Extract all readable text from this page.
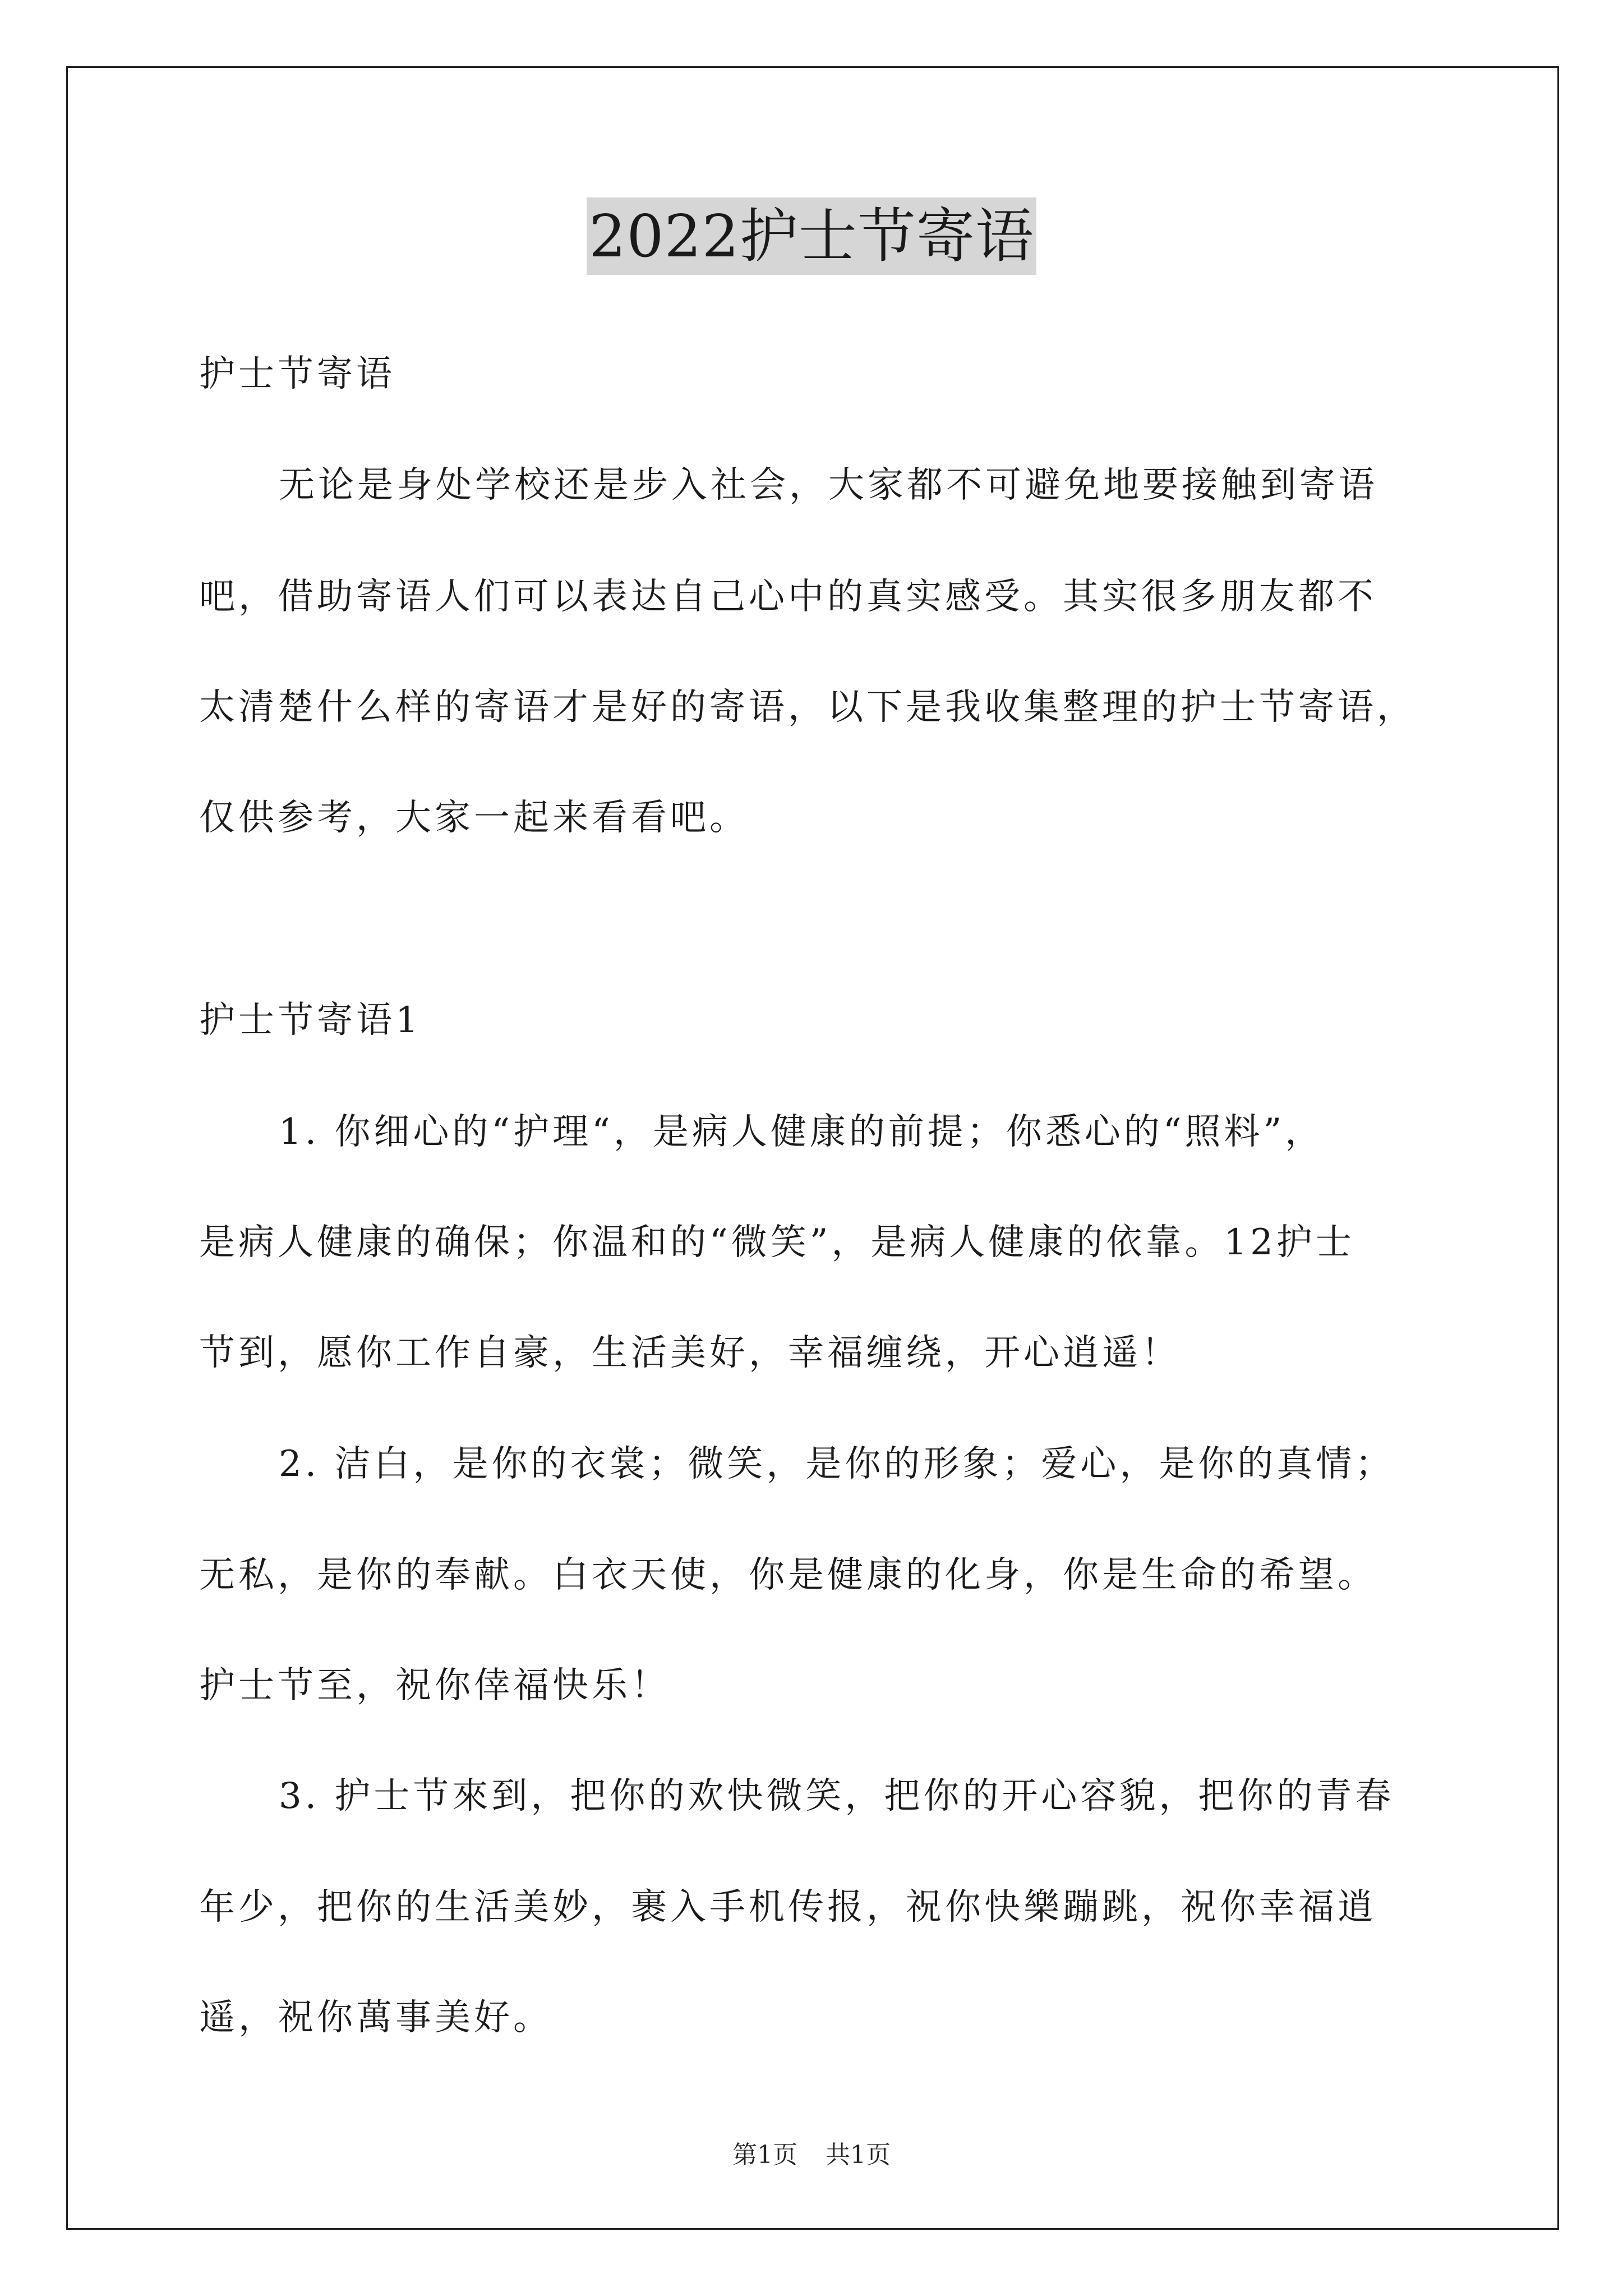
2022护士节寄语
护士节寄语
无论是身处学校还是步入社会，大家都不可避免地要接触到寄语
吧，借助寄语人们可以表达自己心中的真实感受。其实很多朋友都不
太清楚什么样的寄语才是好的寄语，以下是我收集整理的护士节寄语，
仅供参考，大家一起来看看吧。
护士节寄语1
1. 你细心的“护理“，是病人健康的前提；你悉心的“照料”，
是病人健康的确保；你温和的“微笑”，是病人健康的依靠。12护士
节到，愿你工作自豪，生活美好，幸福缠绕，开心逍遥！
2. 洁白，是你的衣裳；微笑，是你的形象；爱心，是你的真情；
无私，是你的奉献。白衣天使，你是健康的化身，你是生命的希望。
护士节至，祝你倖福快乐！
3. 护士节來到，把你的欢快微笑，把你的开心容貌，把你的青春
年少，把你的生活美妙，裹入手机传报，祝你快樂蹦跳，祝你幸福逍
遥，祝你萬事美好。
第1页 共1页
